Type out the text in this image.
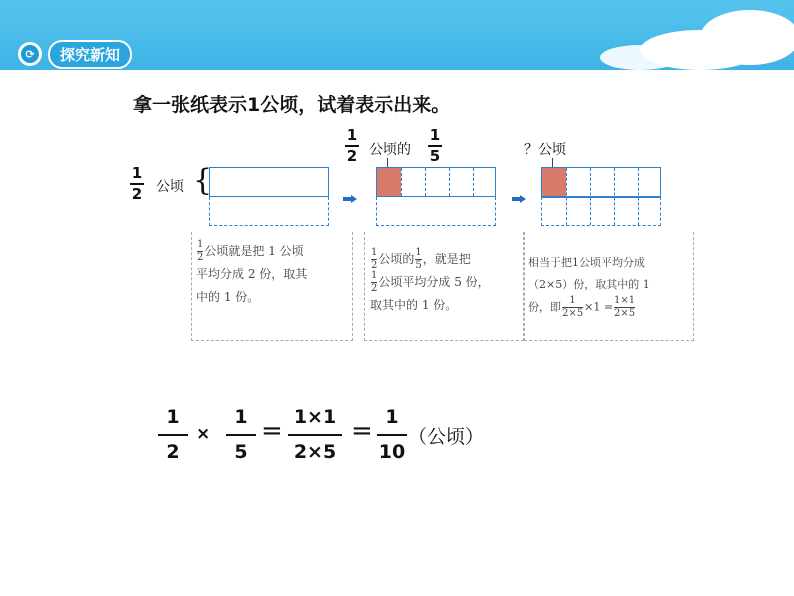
⟳	探究新知
拿一张纸表示1公顷，试着表示出来。
1
2 公顷 {
1
2 公顷的
1
5	？公顷
$\frac{1}{2}$ 公顷就是把 1 公顷
平均分成 2 份，取其
中的 1 份。
$\frac{1}{2}$ 公顷的 $\frac{1}{5}$ ，就是把
$\frac{1}{2}$ 公顷平均分成 5 份，
取其中的 1 份。
相当于把1公顷平均分成
（2×5）份，取其中的 1
份，即 $\frac{1}{2\times 5} \times 1 = \frac{1\times 1}{2\times 5}$
1
2
×
1
5
= 1×1
2×5
= 1
10
（公顷）
